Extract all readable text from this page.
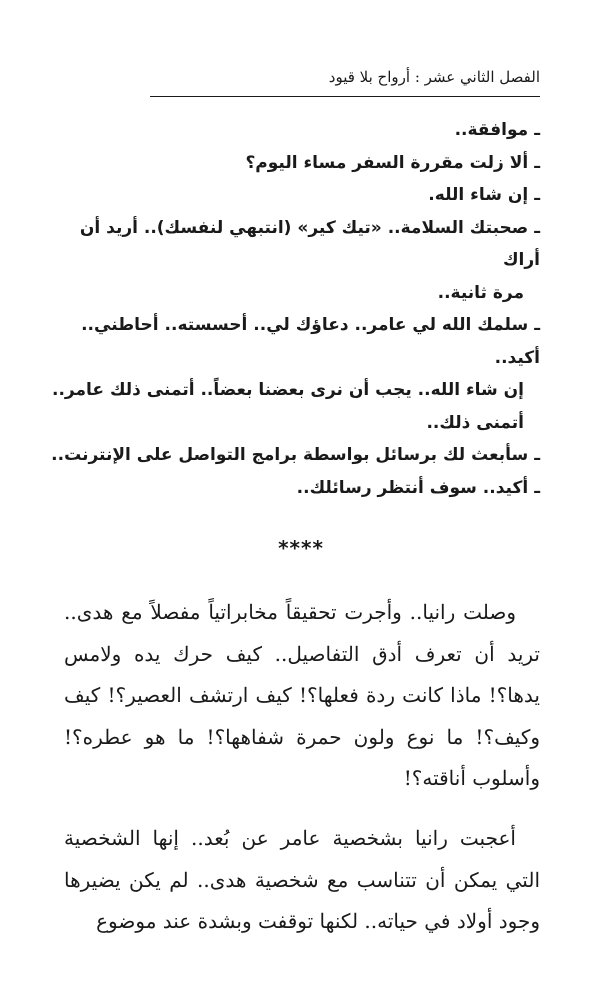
الفصل الثاني عشر : أرواح بلا قيود
ـموافقة..
ـألا زلت مقررة السفر مساء اليوم؟
ـإن شاء الله.
ـصحبتك السلامة.. «تيك كير» (انتبهي لنفسك).. أريد أن أراك
مرة ثانية..
ـسلمك الله لي عامر.. دعاؤك لي.. أحسسته.. أحاطني.. أكيد..
إن شاء الله.. يجب أن نرى بعضنا بعضاً.. أتمنى ذلك عامر.. أتمنى ذلك..
ـسأبعث لك برسائل بواسطة برامج التواصل على الإنترنت..
ـأكيد.. سوف أنتظر رسائلك..
****

وصلت رانيا.. وأجرت تحقيقاً مخابراتياً مفصلاً مع هدى.. تريد أن تعرف أدق التفاصيل.. كيف حرك يده ولامس يدها؟! ماذا كانت ردة فعلها؟! كيف ارتشف العصير؟! كيف وكيف؟! ما نوع ولون حمرة شفاهها؟! ما هو عطره؟! وأسلوب أناقته؟!

أعجبت رانيا بشخصية عامر عن بُعد.. إنها الشخصية التي يمكن أن تتناسب مع شخصية هدى.. لم يكن يضيرها وجود أولاد في حياته.. لكنها توقفت وبشدة عند موضوع
